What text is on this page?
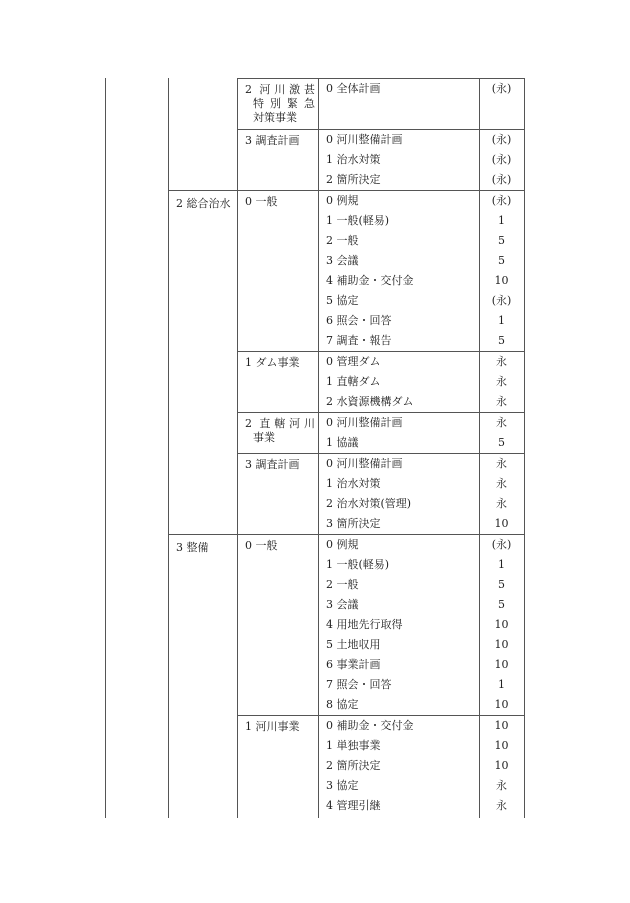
2 河川激甚
特別緊急
対策事業
0 全体計画	(永)
3 調査計画	0 河川整備計画	(永)
1 治水対策	(永)
2 箇所決定	(永)
2 総合治水	0 一般	0 例規	(永)
1 一般(軽易)	1
2 一般	5
3 会議	5
4 補助金・交付金	10
5 協定	(永)
6 照会・回答	1
7 調査・報告	5
1 ダム事業	0 管理ダム	永
1 直轄ダム	永
2 水資源機構ダム	永
2 直轄河川
事業
0 河川整備計画	永
1 協議	5
3 調査計画	0 河川整備計画	永
1 治水対策	永
2 治水対策(管理)	永
3 箇所決定	10
3 整備	0 一般	0 例規	(永)
1 一般(軽易)	1
2 一般	5
3 会議	5
4 用地先行取得	10
5 土地収用	10
6 事業計画	10
7 照会・回答	1
8 協定	10
1 河川事業	0 補助金・交付金	10
1 単独事業	10
2 箇所決定	10
3 協定	永
4 管理引継	永
